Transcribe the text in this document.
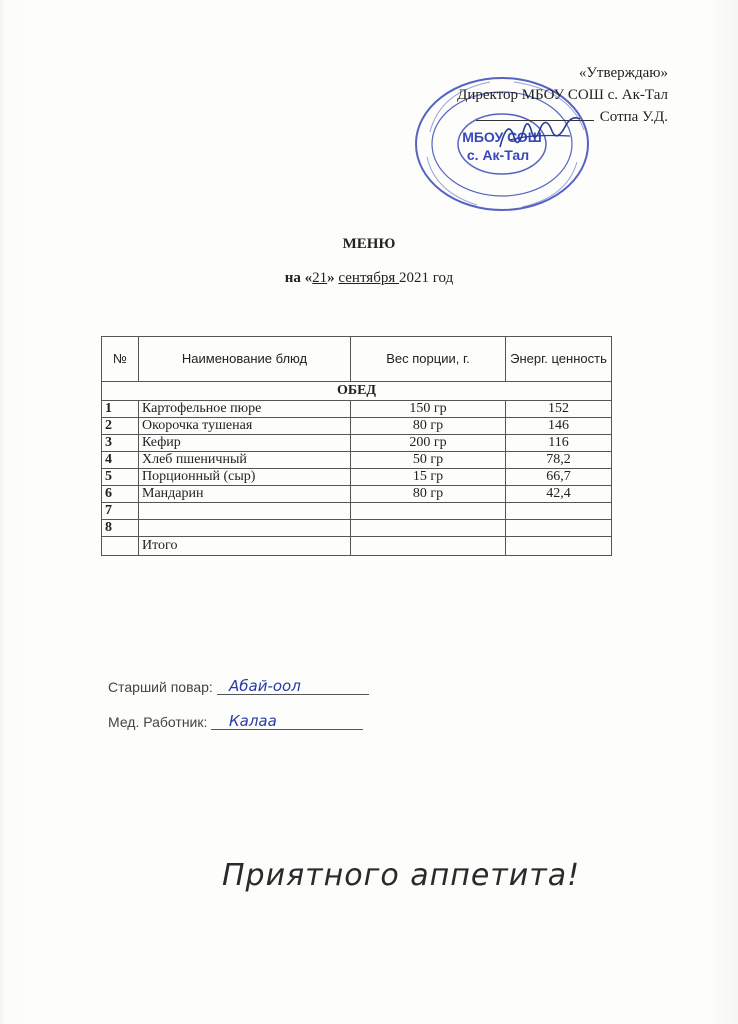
МБОУ СОШ
с. Ак-Тал
«Утверждаю»
Директор МБОУ СОШ с. Ак-Тал
Сотпа У.Д.
МЕНЮ
на «21» сентября 2021 год
№	Наименование блюд	Вес порции, г.	Энерг. ценность
ОБЕД			
1	Картофельное пюре	150 гр	152
2	Окорочка тушеная	80 гр	146
3	Кефир	200 гр	116
4	Хлеб пшеничный	50 гр	78,2
5	Порционный (сыр)	15 гр	66,7
6	Мандарин	80 гр	42,4
7			
8			
	Итого		
Старший повар: Абай-оол
Мед. Работник: Калаа
Приятного аппетита!
